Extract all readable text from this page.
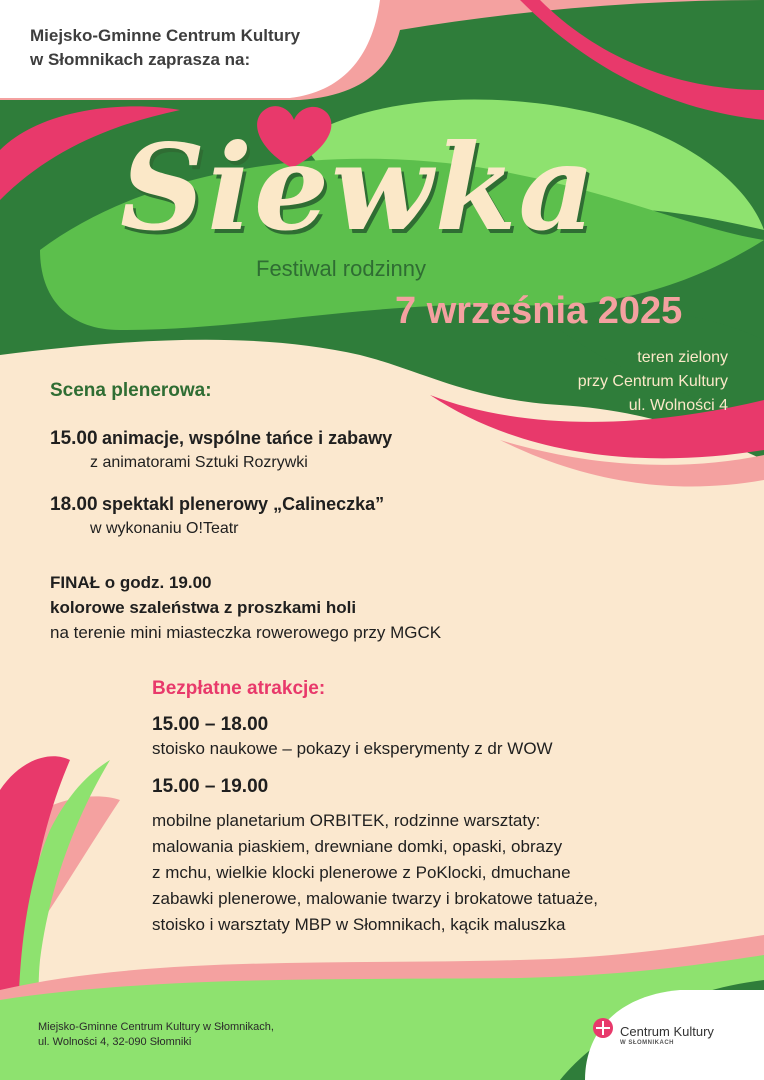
Miejsko-Gminne Centrum Kultury
w Słomnikach zaprasza na:
Siewka
Festiwal rodzinny
7 września 2025
teren zielony
przy Centrum Kultury
ul. Wolności 4
Scena plenerowa:
15.00 animacje, wspólne tańce i zabawy
z animatorami Sztuki Rozrywki
18.00 spektakl plenerowy „Calineczka”
w wykonaniu O!Teatr
FINAŁ o godz. 19.00
kolorowe szaleństwa z proszkami holi
na terenie mini miasteczka rowerowego przy MGCK
Bezpłatne atrakcje:
15.00 – 18.00
stoisko naukowe – pokazy i eksperymenty z dr WOW
15.00 – 19.00
mobilne planetarium ORBITEK, rodzinne warsztaty:
malowania piaskiem, drewniane domki, opaski, obrazy
z mchu, wielkie klocki plenerowe z PoKlocki, dmuchane
zabawki plenerowe, malowanie twarzy i brokatowe tatuaże,
stoisko i warsztaty MBP w Słomnikach, kącik maluszka
Miejsko-Gminne Centrum Kultury w Słomnikach,
ul. Wolności 4, 32-090 Słomniki
Centrum Kultury
W SŁOMNIKACH
